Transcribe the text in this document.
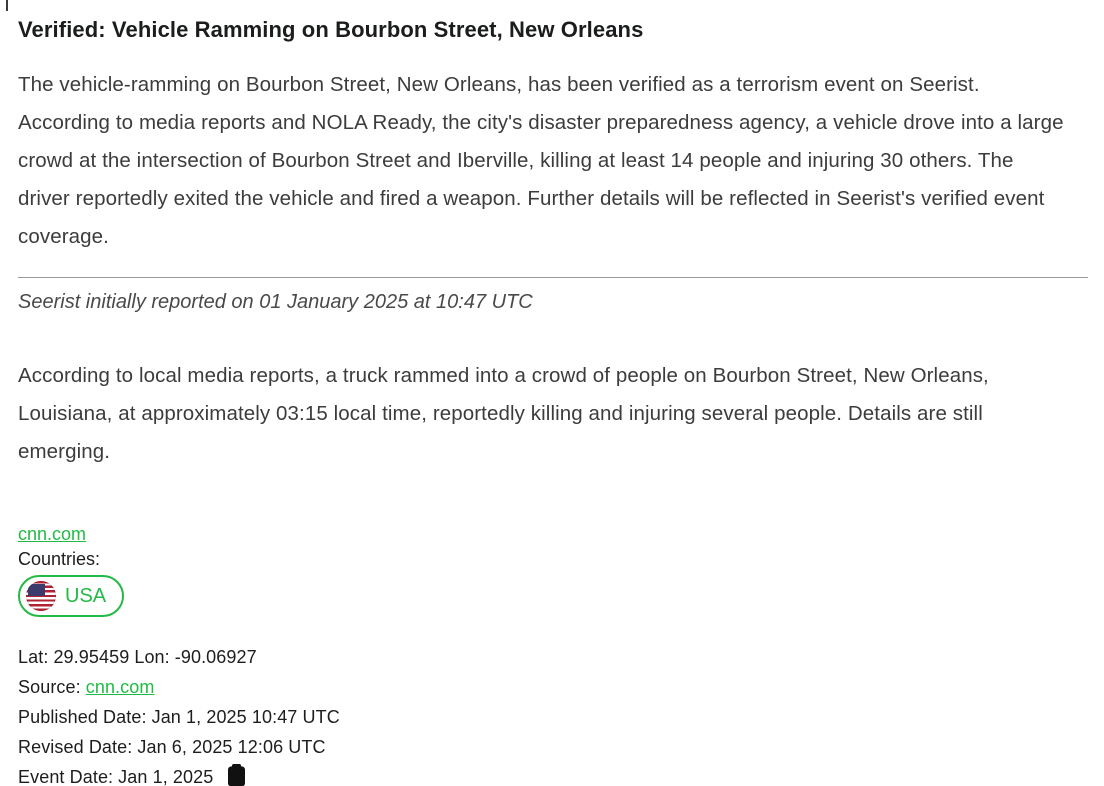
Verified: Vehicle Ramming on Bourbon Street, New Orleans

The vehicle-ramming on Bourbon Street, New Orleans, has been verified as a terrorism event on Seerist. According to media reports and NOLA Ready, the city's disaster preparedness agency, a vehicle drove into a large crowd at the intersection of Bourbon Street and Iberville, killing at least 14 people and injuring 30 others. The driver reportedly exited the vehicle and fired a weapon. Further details will be reflected in Seerist's verified event coverage.

Seerist initially reported on 01 January 2025 at 10:47 UTC

According to local media reports, a truck rammed into a crowd of people on Bourbon Street, New Orleans, Louisiana, at approximately 03:15 local time, reportedly killing and injuring several people. Details are still emerging.

cnn.com
Countries:
USA
Lat: 29.95459 Lon: -90.06927
Source: cnn.com
Published Date: Jan 1, 2025 10:47 UTC
Revised Date: Jan 6, 2025 12:06 UTC
Event Date: Jan 1, 2025
